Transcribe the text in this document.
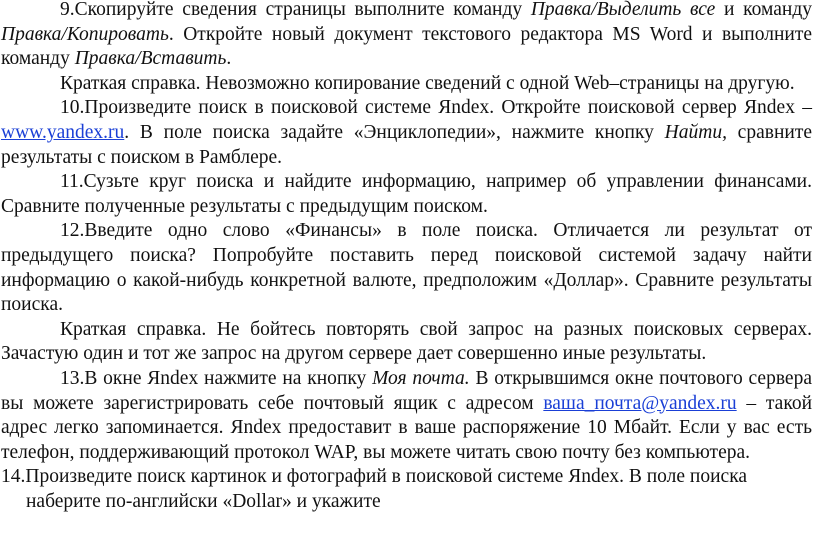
9.Скопируйте сведения страницы выполните команду Правка/Выделить все и команду Правка/Копировать. Откройте новый документ текстового редактора MS Word и выполните команду Правка/Вставить.

Краткая справка. Невозможно копирование сведений с одной Web–страницы на другую.

10.Произведите поиск в поисковой системе Яndex. Откройте поисковой сервер Яndex – www.yandex.ru. В поле поиска задайте «Энциклопедии», нажмите кнопку Найти, сравните результаты с поиском в Рамблере.

11.Сузьте круг поиска и найдите информацию, например об управлении финансами. Сравните полученные результаты с предыдущим поиском.

12.Введите одно слово «Финансы» в поле поиска. Отличается ли результат от предыдущего поиска? Попробуйте поставить перед поисковой системой задачу найти информацию о какой-нибудь конкретной валюте, предположим «Доллар». Сравните результаты поиска.

Краткая справка. Не бойтесь повторять свой запрос на разных поисковых серверах. Зачастую один и тот же запрос на другом сервере дает совершенно иные результаты.

13.В окне Яndex нажмите на кнопку Моя почта. В открывшимся окне почтового сервера вы можете зарегистрировать себе почтовый ящик с адресом ваша_почта@yandex.ru – такой адрес легко запоминается. Яndex предоставит в ваше распоряжение 10 Мбайт. Если у вас есть телефон, поддерживающий протокол WAP, вы можете читать свою почту без компьютера.

14.Произведите поиск картинок и фотографий в поисковой системе Яndex. В поле поиска

наберите по-английски «Dollar» и укажите
